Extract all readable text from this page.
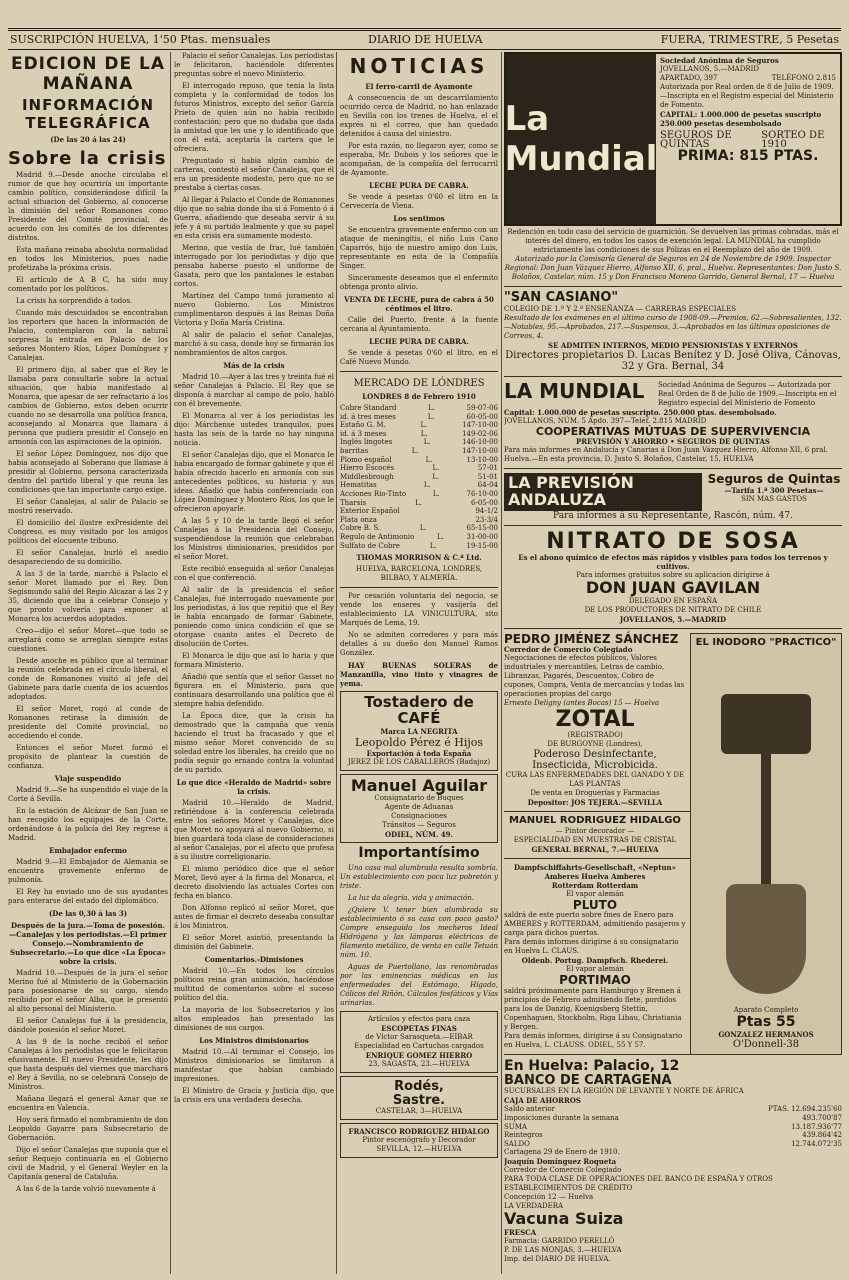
SUSCRIPCIÓN HUELVA, 1'50 Ptas. mensuales	DIARIO DE HUELVA	FUERA, TRIMESTRE, 5 Pesetas
EDICION DE LA MAÑANA
INFORMACIÓN TELEGRÁFICA
(De las 20 á las 24)
Sobre la crisis

Madrid 9.—Desde anoche circulaba el rumor de que hoy ocurriría un importante cambio político, considerándose difícil la actual situacion del Gobierno, al conocerse la dimisión del señor Romanones como Presidente del Comité provincial, de acuerdo con los comités de los diferentes distritos.

Esta mañana reinaba absoluta normalidad en todos los Ministerios, pues nadie profetizaba la próxima crisis.

El artículo de A B C, ha sido muy comentado por los políticos.

La crisis ha sorprendido á todos.

Cuando más descuidados se encontraban los reporters que hacen la información de Palacio, contemplaron con la natural sorpresa la entrada en Palacio de los señores Montero Ríos, López Domínguez y Canalejas.

El primero dijo, al saber que el Rey le llamaba para consultarle sobre la actual situación, que habia manifestado al Monarca, que apesar de ser refractario á los cambios de Gobierno, estos deben ocurrir cuando no se desarrolla una política franca, aconsejando al Monarca que llamara á persona que pudiera presidir el Consejo en armonía con las aspiraciones de la opinión.

El señor López Domínguez, nos dijo que habia aconsejado al Soberano que llamase á presidir al Gobierno, persona caracterizada dentro del partido liberal y que reuna las condiciones que tan importante cargo exige.

El señor Canalejas, al salir de Palacio se mostró reservado.

El domicilio del ilustre exPresidente del Congreso, es muy visitado por los amigos políticos del elocuente tribuno.

El señor Canalejas, burló el asedio desapareciendo de su domicilio.

A las 3 de la tarde, marchó á Palacio el señor Moret llamado por el Rey. Don Segismundo salió del Regio Alcazar á las 2 y 35, diciendo que iba á celebrar Consejo y que pronto volvería para exponer al Monarca los acuerdos adoptados.

Creo—dijo el señor Moret—que todo se arreglará como se arreglan siempre estas cuestiones.

Desde anoche es público que al terminar la reunión celebrada en el círculo liberal, el conde de Romanones visitó al jefe del Gabinete para darle cuenta de los acuerdos adoptados.

El señor Moret, rogó al conde de Romanones retirase la dimisión de presidente del Comité provincial, no accediendo el conde.

Entonces el señor Moret formó el propósito de plantear la cuestión de confianza.

Viaje suspendido

Madrid 9.—Se ha suspendido el viaje de la Corte á Sevilla.

En la estación de Alcázar de San Juan se han recogido los equipajes de la Corte, ordenándose á la policía del Rey regrese á Madrid.

Embajador enfermo

Madrid 9.—El Embajador de Alemania se encuentra gravemente enfermo de pulmonía.

El Rey ha enviado uno de sus ayudantes para enterarse del estado del diplomático.

(De las 0,30 á las 3)
Después de la jura.—Toma de posesión.—Canalejas y los periodistas.—El primer Consejo.—Nombramiento de Subsecretario.—Lo que dice «La Época» sobre la crisis.

Madrid 10.—Después de la jura el señor Merino fué al Ministerio de la Gobernación para posesionarse de su cargo, siendo recibido por el señor Alba, que le presentó al alto personal del Ministerio.

El señor Canalejas fué á la presidencia, dándole posesión el señor Moret.

A las 9 de la noche recibió el señor Canalejas á los periodistas que le felicitaron efusivamente. El nuevo Presidente, les dijo que hasta después del viernes que marchará el Rey á Sevilla, no se celebrará Consejo de Ministros.

Mañana llegará el general Aznar que se encuentra en Valencia.

Hoy será firmado el nombramiento de don Leopoldo Gayarre para Subsecretario de Gobernación.

Dijo el señor Canalejas que suponía que el señor Requejo continuaría en el Gobierno civil de Madrid, y el General Weyler en la Capitanía general de Cataluña.

A las 6 de la tarde volvió nuevamente á

Palacio el señor Canalejas. Los periodistas le felicitaron, haciéndole diferentes preguntas sobre el nuevo Ministerio.

El interrogado repuso, que tenia la lista completa y la conformidad de todos los futuros Ministros, excepto del señor García Prieto de quien aún no habia recibido contestación; pero que no dudaba que dada la amistad que les une y lo identificado que con él está, aceptaría la cartera que le ofreciera.

Preguntado si habia algún cambio de carteras, contestó el señor Canalejas, que él era un presidente modesto, pero que no se prestaba á ciertas cosas.

Al llegar á Palacio el Conde de Romanones dijo que no sabia donde iba si á Fomento ó á Guerra, añadiendo que deseaba servir á su jefe y á su partido lealmente y que su papel en esta crisis era sumamente modesto.

Merino, que vestía de frac, lué también interrogado por los periodistas y dijo que pensaba haberse puesto el uniforme de Gasata, pero que los pantalones le estaban cortos.

Martínez del Campo tomó juramento al nuevo Gobierno. Los Ministros cumplimentaron después á las Reinas Doña Victoria y Doña María Cristina.

Al salir de palacio el señor Canalejas, marchó á su casa, donde hoy se firmarán los nombramientos de altos cargos.

Más de la crisis

Madrid 10.—Ayer á las tres y treinta fué el señor Canalejas á Palacio. El Rey que se disponía á marchar al campo de polo, habló con él brevemente.

El Monarca al ver á los periodistas les dijo: Márchense ustedes tranquilos, pues hasta las seis de la tarde no hay ninguna noticia.

El señor Canalejas dijo, que el Monarca le habia encargado de formar gabinete y que él habia ofrecido hacerlo en armonía con sus antecedentes políticos, su historia y sus ideas. Añadió que habia conferenciado con López Domínguez y Montero Ríos, los que le ofrecieron apoyarle.

A las 5 y 10 de la tarde llegó el señor Canalejas á la Presidencia del Consejo, suspendiéndose la reunión que celebraban los Ministros dimisionarios, presididos por el señor Moret.

Este recibió enseguida al señor Canalejas con el que conferenció.

Al salir de la presidencia el señor Canalejas, fué interrogado nuevamente por los periodistas, á los que repitió que el Rey le habia encargado de formar Gabinete, poniendo como única condición el que se otorgase cuanto antes el Decreto de disolución de Cortes.

El Monarca le dijo que así lo haria y que formara Ministerio.

Añadió que sentía que el señor Gasset no figurara en el Ministerio, para que continuara desarrollando una política que él siempre habia defendido.

La Época dice, que la crisis ha demostrado que la campaña que venía haciendo el trust ha fracasado y que el mismo señor Moret convencido de su soledad entre los liberales, ha creído que no podía seguir go ernando contra la voluntad de su partido.

Lo que dice «Heraldo de Madrid» sobre la crisis.

Madrid 10.—Heraldo de Madrid, refiriéndose á la conferencia celebrada entre los señores Moret y Canalejas, dice que Moret no apoyará al nuevo Gobierno, si bien guardará toda clase de consideraciones al señor Canalejas, por el afecto que profesa á su ilustre correligionario.

El mismo periódico dice que el señor Moret, llevó ayer á la firma del Monarca, el decreto disolviendo las actuales Cortes con fecha en blanco.

Don Alfonso replicó al señor Moret, que antes de firmar el decreto deseaba consultar á los Ministros.

El señor Moret asintió, presentando la dimisión del Gabinete.

Comentarios.-Dimisiones

Madrid 10.—En todos los círculos políticos reina gran animación, haciéndose multitud de comentarios sobre el suceso político del día.

La mayoria de los Subsecretarios y los altos empleados han presentado las dimisiones de sus cargos.

Los Ministros dimisionarios

Madrid 10.—Al terminar el Consejo, los Ministros dimisionarios se limitaron á manifestar que habian cambiado impresiones.

El Ministro de Gracia y Justicia dijo, que la crisis era una verdadera desecha.

NOTICIAS
El ferro-carril de Ayamonte

A consecuencia de un descarrilamiento ocurrido cerca de Madrid, no han enlazado en Sevilla con los trenes de Huelva, el el exprés ni el correo, que han quedado detenidos á causa del siniestro.

Por esta razón, no llegaron ayer, como se esperaba, Mr. Dubois y los señores que le acompañan, de la compañía del ferrocarril de Ayamonte.

LECHE PURA DE CABRA.

Se vende á pesetas 0'60 el litro en la Cervecería de Viena.

Los sentimos

Se encuentra gravemente enfermo con un ataque de meningitis, el niño Luis Cano Caparrós, hijo de nuestro amigo don Luis, representante en esta de la Compañía Singer.

Sinceramente deseamos que el enfermito obtenga pronto alivio.

VENTA DE LECHE, pura de cabra á 50 céntimos el litro.

Calle del Puerto, frente á la fuente cercana al Ayuntamiento.

LECHE PURA DE CABRA.

Se vende á pesetas 0'60 el litro, en el Café Nuevo Mundo.

MERCADO DE LÓNDRES
LONDRES 8 de Febrero 1910
Cobre Standard	L.	59-07-06
id. á tres meses	L.	60-05-00
Estaño G. M.	L.	147-10-00
id. á 3 meses	L.	149-02-06
Inglés lingotes	L.	146-10-00
barritas	L.	147-10-00
Plomo español	L.	13-10-00
Hierro Escocés	L.	57-01
Middlesbrough	L.	51-01
Hematitas	L.	64-04
Acciones Rio-Tinto	L.	76-10-00
Tharsis	L.	6-05-00
Exterior Español	94-1/2
Plata onza	23-3/4
Cobre B. S.	L.	65-15-00
Regulo de Antimonio	L.	31-00-00
Sulfato de Cobre	L.	19-15-00
THOMAS MORRISON & C.ª Ltd.
HUELVA, BARCELONA, LONDRES, BILBAO, Y ALMERÍA.

Por cesación voluntaria del negocio, se vende los enseres y vasijería del establecimiento LA VINICULTURA, sito Marqués de Lema, 19.

No se admiten corredores y para más detalles á su dueño don Manuel Ramos González.

HAY BUENAS SOLERAS de Manzanilla, vino tinto y vinagres de yema.

Tostadero de CAFÉ
Marca LA NEGRITA
Leopoldo Pérez é Hijos
Exportación á toda España
JEREZ DE LOS CABALLEROS (Badajoz)
Manuel Aguilar
Consignatario de Buques
Agente de Aduanas
Consignaciones
Tránsitos — Seguros
ODIEL, NÚM. 49.
Importantísimo

Una casa mal alumbrada resulta sombría. Un establecimiento con poca luz pobretón y triste.

La luz da alegría, vida y animación.

¿Quiere V. tener bien alumbrada su establecimiento ó su casa con poco gasto? Compre enseguida los mecheros Ideal Hidrógeno y las lámparas eléctricas de filamento metálico, de venta en calle Tetuán núm. 10.

Aguas de Puertollano, las renombradas por las eminencias médicas en las enfermedades del Estómago, Hígado, Cólicos del Riñón, Cálculos fosfáticos y Vías urinarias.

Artículos y efectos para caza
ESCOPETAS FINAS
de Víctor Sarasqueta.—EIBAR
Especialidad en Cartuchos cargados
ENRIQUE GOMEZ HIERRO
23, SAGASTA, 23.—HUELVA
Rodés,
Sastre.
CASTELAR, 3—HUELVA
FRANCISCO RODRIGUEZ HIDALGO
Pintor escenógrafo y Decorador
SEVILLA, 12.—HUELVA
La Mundial
Sociedad Anónima de Seguros
JOVELLANOS, 5.—MADRID
APARTADO, 397	TELÉFONO 2.815
Autorizada por Real orden de 8 de Julio de 1909.—Inscripta en el Registro especial del Ministerio de Fomento.
CAPITAL: 1.000.000 de pesetas suscripto 250.000 pesetas desembolsado
SEGUROS DE QUINTAS
SORTEO DE 1910
PRIMA: 815 PTAS.
Redención en todo caso del servicio de guarnición. Se devuelven las primas cobradas, más el interés del dinero, en todos los casos de exención legal. LA MUNDIAL ha cumplido estrictamente las condiciones de sus Pólizas en el Reemplazo del año de 1909.
Autorizado por la Comisaría General de Seguros en 24 de Noviembre de 1909. Inspector Regional: Don Juan Vázquez Hierro, Alfonso XII, 6, pral., Huelva. Representantes: Don Justo S. Bolaños, Castelar, núm. 15 y Don Francisco Moreno Garrido, General Bernal, 17 — Huelva
"SAN CASIANO"
COLEGIO DE 1.ª Y 2.ª ENSEÑANZA — CARRERAS ESPECIALES
Resultado de los exámenes en el último curso de 1908-09.—Premios, 62.—Sobresalientes, 132.—Notables, 95.—Aprobados, 217.—Suspensos, 3.—Aprobados en las últimas oposiciones de Correos, 4.
SE ADMITEN INTERNOS, MEDIO PENSIONISTAS Y EXTERNOS
Directores propietarios D. Lucas Benítez y D. José Oliva, Cánovas, 32 y Gra. Bernal, 34
LA MUNDIAL	Sociedad Anónima de Seguros — Autorizada por Real Orden de 8 de Julio de 1909.—Inscripta en el Registro especial del Ministerio de Fomento
Capital: 1.000.000 de pesetas suscripto. 250.000 ptas. desembolsado.
JOVELLANOS, NÚM. 5 Apdo. 397—Teléf. 2.815 MADRID
COOPERATIVAS MÚTUAS DE SUPERVIVENCIA
PREVISIÓN Y AHORRO • SEGUROS DE QUINTAS
Para más informes en Andalucía y Canarias á Don Juan Vázquez Hierro, Alfonso XII, 6 pral. Huelva.—En esta provincia, D. Justo S. Bolaños, Castelar, 15, HUELVA
LA PREVISIÓN ANDALUZA
Seguros de Quintas
—Tarifa 1.ª 300 Pesetas—
SIN MAS GASTOS
Para informes á su Representante, Rascón, núm. 47.
NITRATO DE SOSA
Es el abono químico de efectos más rápidos y visibles para todos los terrenos y cultivos.
Para informes gratuitos sobre su aplicacion dirigirse á
DON JUAN GAVILAN
DELEGADO EN ESPAÑA
DE LOS PRODUCTORES DE NITRATO DE CHILE
JOVELLANOS, 5.—MADRID
EL INODORO "PRACTICO"
Aparato Completo
Ptas 55
GONZALEZ HERMANOS
O'Donnell-38
PEDRO JIMÉNEZ SÁNCHEZ
Corredor de Comercio Colegiado
Negociaciones de efectos públicos, Valores industriales y mercantiles, Letras de cambio, Libranzas, Pagarés, Descuentos, Cobro de cupones, Compra, Venta de mercancías y todas las operaciones propias del cargo
Ernesto Deligny (antes Bocas) 15 — Huelva
ZOTAL
(REGISTRADO)
DE BURGOYNE (Londres),
Poderoso Desinfectante,
Insecticida, Microbicida.
CURA LAS ENFERMEDADES DEL GANADO Y DE LAS PLANTAS
De venta en Droguerías y Farmacias
Depositor: JOS TEJERA.—SEVILLA
MANUEL RODRIGUEZ HIDALGO
— Pintor decorador —
ESPECIALIDAD EN MUESTRAS DE CRISTAL
GENERAL BERNAL, 7.—HUELVA
Dampfschiffahrts-Gesellschaft, «Neptun»
Amberes Huelva Amberes
Rotterdam Rotterdam
El vapor alemán
PLUTO
saldrá de este puerto sobre fines de Enero para AMBERES y ROTTERDAM, admitiendo pasajeros y carga para dichos puertos.
Para demás informes dirigirse á su consignatario en Huelva L. CLAUS.
Oldenb. Portug. Dampfsch. Rhederei.
El vapor alemán
PORTIMAO
saldrá próximamente para Hamburgo y Bremen á principios de Febrero admitiendo flete, pordidos para los de Danzig, Koenigsberg Stettin, Copenhaguen, Stockholm, Riga Libau, Christiania y Bergen.
Para demás informes, dirigirse á su Consignatario en Huelva, L. CLAUSS. ODIEL, 55 Y 57.
En Huelva: Palacio, 12
BANCO DE CARTAGENA
SUCURSALES EN LA REGIÓN DE LEVANTE Y NORTE DE ÁFRICA
CAJA DE AHORROS
Saldo anterior	PTAS. 12.694.235'60
Imposiciones durante la semana	493.700'87
SUMA	13.187.936'77
Reintegros	439.864'42
SALDO	12.744.072'35
Cartagena 29 de Enero de 1910.
Joaquín Domínguez Roqueta
Corredor de Comercio Colegiado
PARA TODA CLASE DE OPERACIONES DEL BANCO DE ESPAÑA Y OTROS ESTABLECIMIENTOS DE CRÉDITO
Concepción 12 — Huelva
LA VERDADERA
Vacuna Suiza
FRESCA
Farmacia: GARRIDO PERELLÓ
P. DE LAS MONJAS, 3.—HUELVA
Imp. del DIARIO DE HUELVA.
